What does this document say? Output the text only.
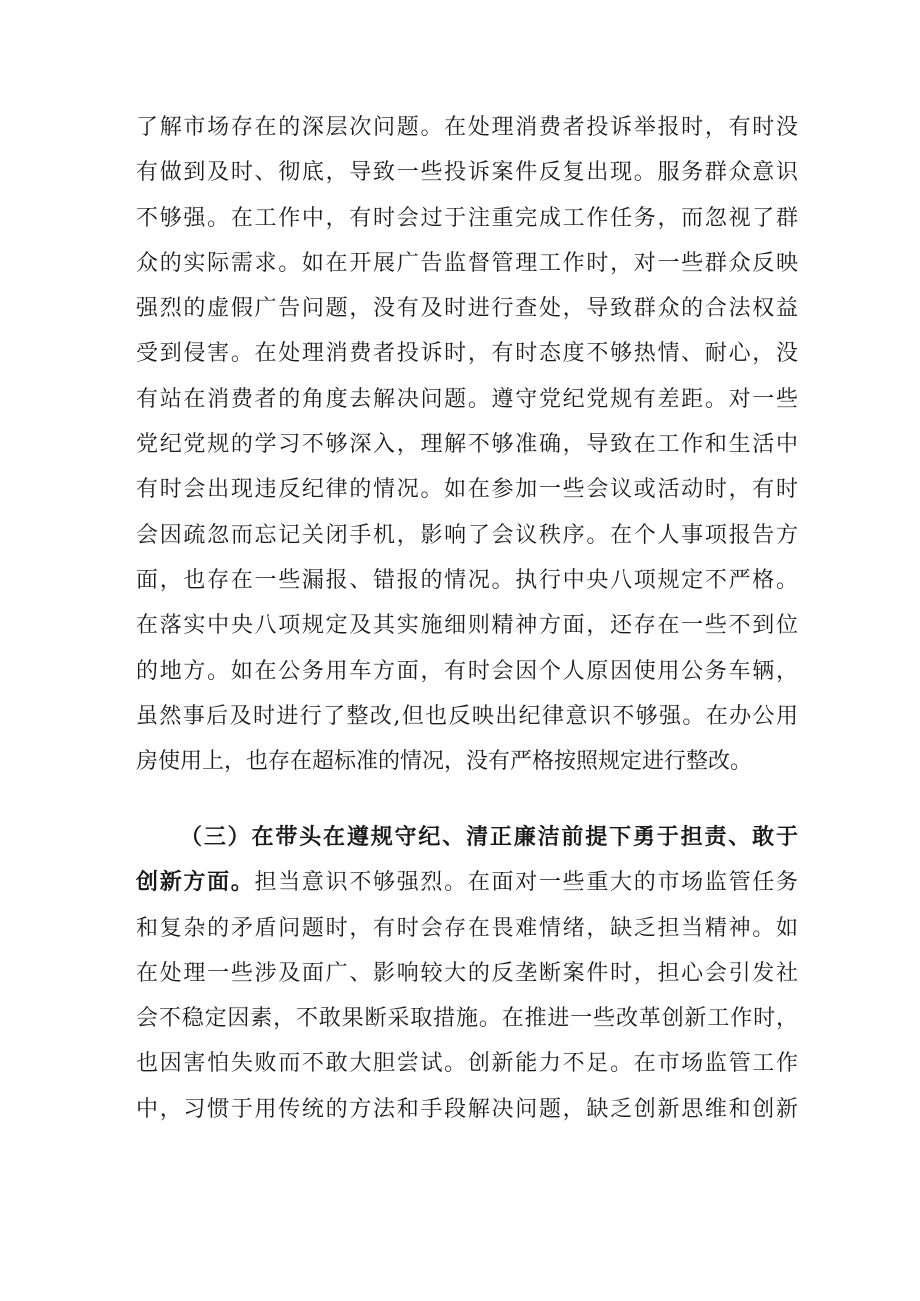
了解市场存在的深层次问题。在处理消费者投诉举报时，有时没
有做到及时、彻底，导致一些投诉案件反复出现。服务群众意识
不够强。在工作中，有时会过于注重完成工作任务，而忽视了群
众的实际需求。如在开展广告监督管理工作时，对一些群众反映
强烈的虚假广告问题，没有及时进行查处，导致群众的合法权益
受到侵害。在处理消费者投诉时，有时态度不够热情、耐心，没
有站在消费者的角度去解决问题。遵守党纪党规有差距。对一些
党纪党规的学习不够深入，理解不够准确，导致在工作和生活中
有时会出现违反纪律的情况。如在参加一些会议或活动时，有时
会因疏忽而忘记关闭手机，影响了会议秩序。在个人事项报告方
面，也存在一些漏报、错报的情况。执行中央八项规定不严格。
在落实中央八项规定及其实施细则精神方面，还存在一些不到位
的地方。如在公务用车方面，有时会因个人原因使用公务车辆，
虽然事后及时进行了整改,但也反映出纪律意识不够强。在办公用
房使用上，也存在超标准的情况，没有严格按照规定进行整改。
（三）在带头在遵规守纪、清正廉洁前提下勇于担责、敢于
创新方面。担当意识不够强烈。在面对一些重大的市场监管任务
和复杂的矛盾问题时，有时会存在畏难情绪，缺乏担当精神。如
在处理一些涉及面广、影响较大的反垄断案件时，担心会引发社
会不稳定因素，不敢果断采取措施。在推进一些改革创新工作时，
也因害怕失败而不敢大胆尝试。创新能力不足。在市场监管工作
中，习惯于用传统的方法和手段解决问题，缺乏创新思维和创新
